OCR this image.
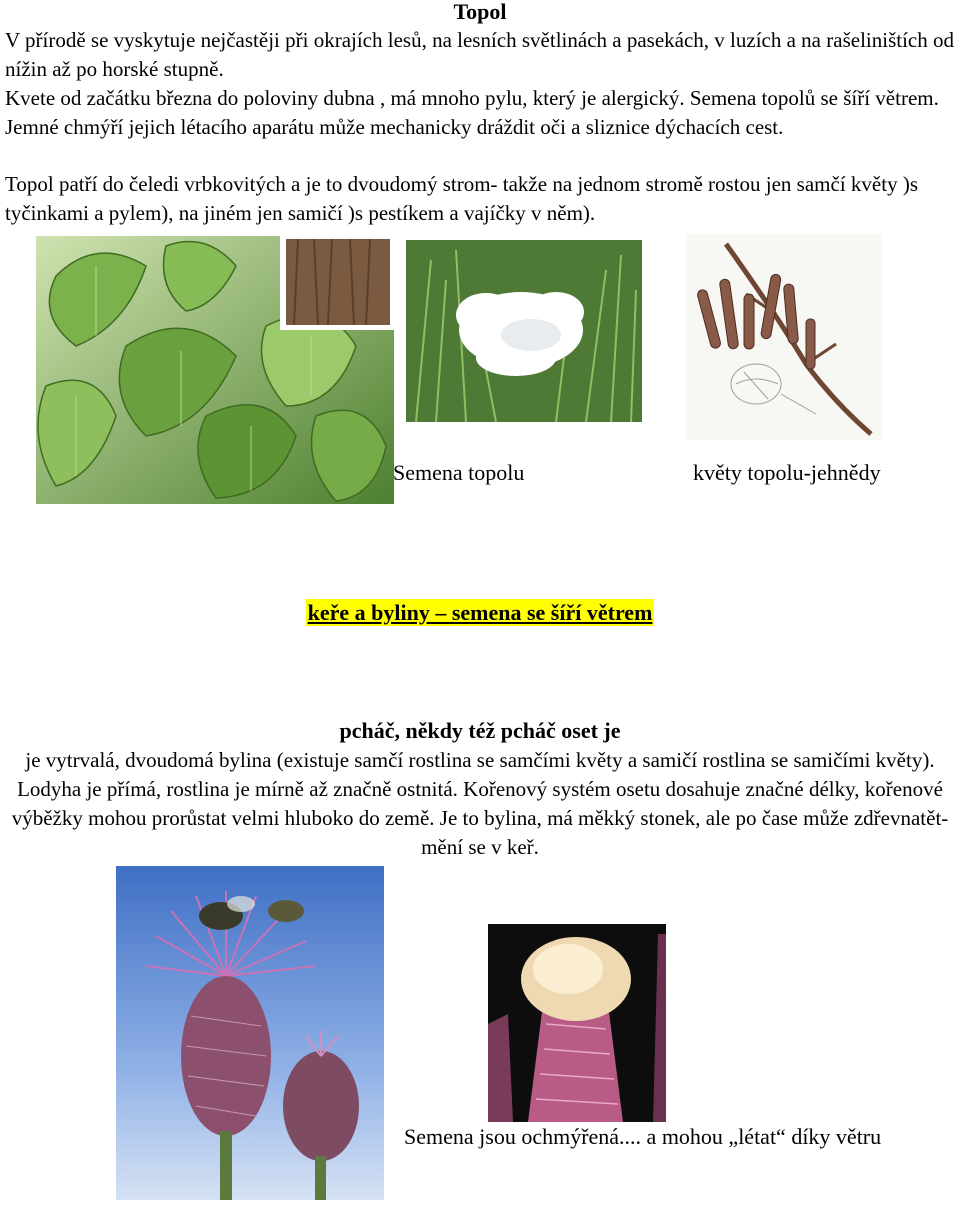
Topol
V přírodě se vyskytuje nejčastěji při okrajích lesů, na lesních světlinách a pasekách, v luzích a na rašeliništích od nížin až po horské stupně.
Kvete od začátku března do poloviny dubna , má mnoho pylu, který je alergický. Semena topolů se šíří větrem. Jemné chmýří jejich létacího aparátu může mechanicky dráždit oči a sliznice dýchacích cest.
Topol patří do čeledi vrbkovitých a je to dvoudomý strom- takže na jednom stromě rostou jen samčí květy )s tyčinkami a pylem), na jiném jen samičí )s pestíkem a vajíčky v něm).
Semena topolu	květy topolu-jehnědy
keře a byliny – semena se šíří větrem
pcháč, někdy též pcháč oset je
je vytrvalá, dvoudomá bylina (existuje samčí rostlina se samčími květy a samičí rostlina se samičími květy). Lodyha je přímá, rostlina je mírně až značně ostnitá. Kořenový systém osetu dosahuje značné délky, kořenové výběžky mohou prorůstat velmi hluboko do země. Je to bylina, má měkký stonek, ale po čase může zdřevnatět- mění se v keř.
Semena jsou ochmýřená.... a mohou „létat“ díky větru
